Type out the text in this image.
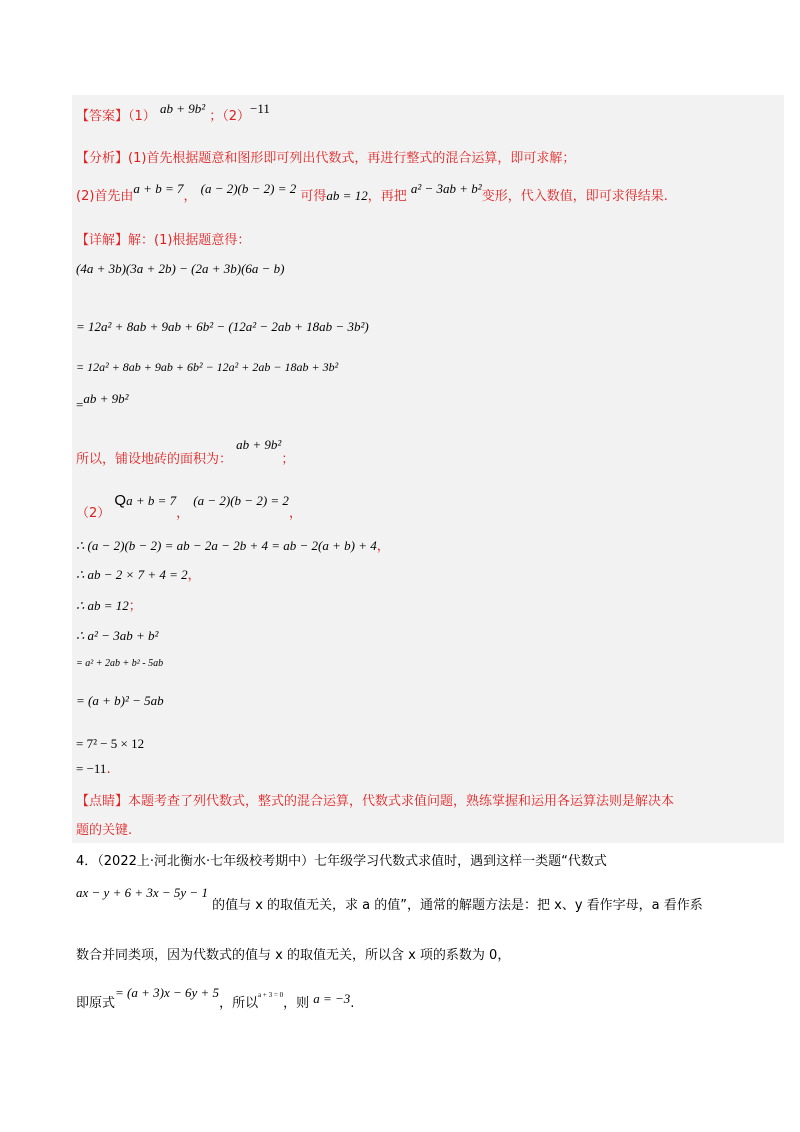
【答案】（1） ab + 9b² ；（2）−11
【分析】(1)首先根据题意和图形即可列出代数式，再进行整式的混合运算，即可求解；
(2)首先由a + b = 7， (a − 2)(b − 2) = 2 可得ab = 12，再把 a² − 3ab + b²变形，代入数值，即可求得结果.
【详解】解：(1)根据题意得：
(4a + 3b)(3a + 2b) − (2a + 3b)(6a − b)
= 12a² + 8ab + 9ab + 6b² − (12a² − 2ab + 18ab − 3b²)
= 12a² + 8ab + 9ab + 6b² − 12a² + 2ab − 18ab + 3b²
=ab + 9b²
所以，铺设地砖的面积为： ab + 9b²；
（2） Qa + b = 7， (a − 2)(b − 2) = 2，
∴ (a − 2)(b − 2) = ab − 2a − 2b + 4 = ab − 2(a + b) + 4，
∴ ab − 2 × 7 + 4 = 2，
∴ ab = 12；
∴ a² − 3ab + b²
= a² + 2ab + b² - 5ab
= (a + b)² − 5ab
= 7² − 5 × 12
= −11.
【点睛】本题考查了列代数式，整式的混合运算，代数式求值问题，熟练掌握和运用各运算法则是解决本
题的关键.
4．（2022上·河北衡水·七年级校考期中）七年级学习代数式求值时，遇到这样一类题“代数式
ax − y + 6 + 3x − 5y − 1 的值与 x 的取值无关，求 a 的值”，通常的解题方法是：把 x、y 看作字母，a 看作系
数合并同类项，因为代数式的值与 x 的取值无关，所以含 x 项的系数为 0，
即原式= (a + 3)x − 6y + 5，所以$^{a + 3 = 0}$，则 a = −3.
